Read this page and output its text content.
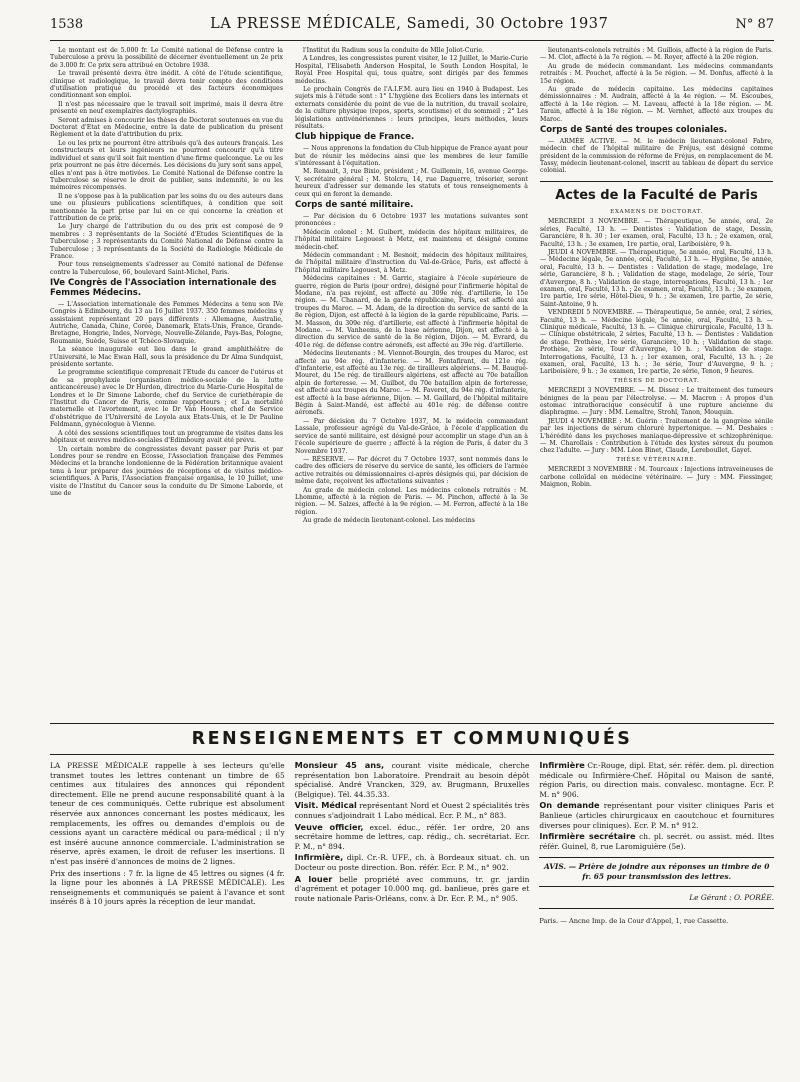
1538	LA PRESSE MÉDICALE, Samedi, 30 Octobre 1937	N° 87

Le montant est de 5.000 fr. Le Comité national de Défense contre la Tuberculose a prévu la possibilité de décerner éventuellement un 2e prix de 3.000 fr. Ce prix sera attribué en Octobre 1938.

Le travail présenté devra être inédit. A côté de l'étude scientifique, clinique et radiologique, le travail devra tenir compte des conditions d'utilisation pratique du procédé et des facteurs économiques conditionnant son emploi.

Il n'est pas nécessaire que le travail soit imprimé, mais il devra être présenté en neuf exemplaires dactylographiés.

Seront admises à concourir les thèses de Doctorat soutenues en vue du Doctorat d'Etat en Médecine, entre la date de publication du présent Règlement et la date d'attribution du prix.

Le ou les prix ne pourront être attribués qu'à des auteurs français. Les constructeurs et leurs ingénieurs ne pourront concourir qu'à titre individuel et sans qu'il soit fait mention d'une firme quelconque. Le ou les prix pourront ne pas être décernés. Les décisions du jury sont sans appel, elles n'ont pas à être motivées. Le Comité National de Défense contre la Tuberculose se réserve le droit de publier, sans indemnité, le ou les mémoires récompensés.

Il ne s'oppose pas à la publication par les soins du ou des auteurs dans une ou plusieurs publications scientifiques, à condition que soit mentionnée la part prise par lui en ce qui concerne la création et l'attribution de ce prix.

Le Jury chargé de l'attribution du ou des prix est composé de 9 membres : 3 représentants de la Société d'Etudes Scientifiques de la Tuberculose ; 3 représentants du Comité National de Défense contre la Tuberculose ; 3 représentants de la Société de Radiologie Médicale de France.

Pour tous renseignements s'adresser au Comité national de Défense contre la Tuberculose, 66, boulevard Saint-Michel, Paris.

IVe Congrès de l'Association internationale des Femmes Médecins.

— L'Association internationale des Femmes Médecins a tenu son IVe Congrès à Edimbourg, du 13 au 16 Juillet 1937. 350 femmes médecins y assistaient représentant 20 pays différents : Allemagne, Australie, Autriche, Canada, Chine, Corée, Danemark, Etats-Unis, France, Grande-Bretagne, Hongrie, Indes, Norvège, Nouvelle-Zélande, Pays-Bas, Pologne, Roumanie, Suède, Suisse et Tchéco-Slovaquie.

La séance inaugurale eut lieu dans le grand amphithéâtre de l'Université, le Mac Ewan Hall, sous la présidence du Dr Alma Sundquist, présidente sortante.

Le programme scientifique comprenait l'Etude du cancer de l'utérus et de sa prophylaxie (organisation médico-sociale de la lutte anticancéreuse) avec le Dr Hurdon, directrice du Marie-Curie Hospital de Londres et le Dr Simone Laborde, chef du Service de curiethérapie de l'Institut du Cancer de Paris, comme rapporteurs ; et La mortalité maternelle et l'avortement, avec le Dr Van Hoosen, chef de Service d'obstétrique de l'Université de Loyola aux Etats-Unis, et le Dr Pauline Feldmann, gynécologue à Vienne.

A côté des sessions scientifiques tout un programme de visites dans les hôpitaux et œuvres médico-sociales d'Edimbourg avait été prévu.

Un certain nombre de congressistes devant passer par Paris et par Londres pour se rendre en Ecosse, l'Association française des Femmes Médecins et la branche londonienne de la Fédération britannique avaient tenu à leur préparer des journées de réceptions et de visites médico-scientifiques. A Paris, l'Association française organisa, le 10 Juillet, une visite de l'Institut du Cancer sous la conduite du Dr Simone Laborde, et une de

l'Institut du Radium sous la conduite de Mlle Joliot-Curie.

A Londres, les congressistes purent visiter, le 12 Juillet, le Marie-Curie Hospital, l'Elisabeth Anderson Hospital, le South London Hospital, le Royal Free Hospital qui, tous quatre, sont dirigés par des femmes médecins.

Le prochain Congrès de l'A.I.F.M. aura lieu en 1940 à Budapest. Les sujets mis à l'étude sont : 1° L'hygiène des Ecoliers dans les internats et externats considérée du point de vue de la nutrition, du travail scolaire, de la culture physique (repos, sports, scoutisme) et du sommeil ; 2° Les législations antivénériennes : leurs principes, leurs méthodes, leurs résultats.

Club hippique de France.

— Nous apprenons la fondation du Club hippique de France ayant pour but de réunir les médecins ainsi que les membres de leur famille s'intéressant à l'équitation.

M. Renault, 3, rue Bixio, président ; M. Guillemin, 16, avenue George-V, secrétaire général ; M. Stolcru, 14, rue Daguerre, trésorier, seront heureux d'adresser sur demande les statuts et tous renseignements à ceux qui en feront la demande.

Corps de santé militaire.

— Par décision du 6 Octobre 1937 les mutations suivantes sont prononcées :

Médecin colonel : M. Guibert, médecin des hôpitaux militaires, de l'hôpital militaire Legouest à Metz, est maintenu et désigné comme médecin-chef.

Médecin commandant : M. Besnoit, médecin des hôpitaux militaires, de l'hôpital militaire d'instruction du Val-de-Grâce, Paris, est affecté à l'hôpital militaire Legouest, à Metz.

Médecins capitaines : M. Garric, stagiaire à l'école supérieure de guerre, région de Paris (pour ordre), désigné pour l'infirmerie hôpital de Modane, n'a pas rejoint, est affecté au 309e rég. d'artillerie, le 15e région. — M. Chanard, de la garde républicaine, Paris, est affecté aux troupes du Maroc. — M. Adam, de la direction du service de santé de la 8e région, Dijon, est affecté à la légion de la garde républicaine, Paris. — M. Masson, du 309e rég. d'artillerie, est affecté à l'infirmerie hôpital de Modane. — M. Vanheems, de la base aérienne, Dijon, est affecté à la direction du service de santé de la 8e région, Dijon. — M. Evrard, du 401e rég. de défense contre aéronefs, est affecté au 39e rég. d'artillerie.

Médecins lieutenants : M. Viennot-Bourgin, des troupes du Maroc, est affecté au 94e rég. d'infanterie. — M. Fontafirant, du 121e rég. d'infanterie, est affecté au 13e rég. de tirailleurs algériens. — M. Baugué-Mouret, du 15e rég. de tirailleurs algériens, est affecté au 70e bataillon alpin de forteresse. — M. Guilbot, du 70e bataillon alpin de forteresse, est affecté aux troupes du Maroc. — M. Faveret, du 94e rég. d'infanterie, est affecté à la base aérienne, Dijon. — M. Gaillard, de l'hôpital militaire Bégin à Saint-Mandé, est affecté au 401e rég. de défense contre aéronefs.

— Par décision du 7 Octobre 1937, M. le médecin commandant Lassale, professeur agrégé du Val-de-Grâce, à l'école d'application du service de santé militaire, est désigné pour accomplir un stage d'un an à l'école supérieure de guerre ; affecté à la région de Paris, à dater du 3 Novembre 1937.

— RÉSERVE. — Par décret du 7 Octobre 1937, sont nommés dans le cadre des officiers de réserve du service de santé, les officiers de l'armée active retraités ou démissionnaires ci-après désignés qui, par décision de même date, reçoivent les affectations suivantes :

Au grade de médecin colonel. Les médecins colonels retraités : M. Lhomme, affecté à la région de Paris. — M. Pinchon, affecté à la 3e région. — M. Salzes, affecté à la 9e région. — M. Ferron, affecté à la 18e région.

Au grade de médecin lieutenant-colonel. Les médecins

lieutenants-colonels retraités : M. Guillois, affecté à la région de Paris. — M. Clot, affecté à la 7e région. — M. Royer, affecté à la 20e région.

Au grade de médecin commandant. Les médecins commandants retraités : M. Pouchet, affecté à la 5e région. — M. Donfus, affecté à la 15e région.

Au grade de médecin capitaine. Les médecins capitaines démissionnaires : M. Audrain, affecté à la 4e région. — M. Escoubes, affecté à la 14e région. — M. Laveau, affecté à la 18e région. — M. Tarain, affecté à la 18e région. — M. Vernhet, affecté aux troupes du Maroc.

Corps de Santé des troupes coloniales.

— ARMÉE ACTIVE. — M. le médecin lieutenant-colonel Fabre, médecin chef de l'hôpital militaire de Fréjus, est désigné comme président de la commission de réforme de Fréjus, en remplacement de M. Tassy, médecin lieutenant-colonel, inscrit au tableau de départ du service colonial.

Actes de la Faculté de Paris

EXAMENS DE DOCTORAT.

MERCREDI 3 NOVEMBRE. — Thérapeutique, 5e année, oral, 2e séries, Faculté, 13 h. — Dentistes : Validation de stage, Dessin, Garancière, 8 h. 30 ; 1er examen, oral, Faculté, 13 h. ; 2e examen, oral, Faculté, 13 h. ; 3e examen, 1re partie, oral, Lariboisière, 9 h.

JEUDI 4 NOVEMBRE. — Thérapeutique, 5e année, oral, Faculté, 13 h. — Médecine légale, 5e année, oral, Faculté, 13 h. — Hygiène, 5e année, oral, Faculté, 13 h. — Dentistes : Validation de stage, modelage, 1re série, Garancière, 8 h. ; Validation de stage, modelage, 2e série, Tour d'Auvergne, 8 h. ; Validation de stage, interrogations, Faculté, 13 h. ; 1er examen, oral, Faculté, 13 h. ; 2e examen, oral, Faculté, 13 h. ; 3e examen, 1re partie, 1re série, Hôtel-Dieu, 9 h. ; 3e examen, 1re partie, 2e série, Saint-Antoine, 9 h.

VENDREDI 5 NOVEMBRE. — Thérapeutique, 5e année, oral, 2 séries, Faculté, 13 h. — Médecine légale, 5e année, oral, Faculté, 13 h. — Clinique médicale, Faculté, 13 h. — Clinique chirurgicale, Faculté, 13 h. — Clinique obstétricale, 2 séries, Faculté, 13 h. — Dentistes : Validation de stage. Prothèse, 1re série, Garancière, 10 h. ; Validation de stage. Prothèse, 2e série, Tour d'Auvergne, 10 h. ; Validation de stage. Interrogations, Faculté, 13 h. ; 1er examen, oral, Faculté, 13 h. ; 2e examen, oral, Faculté, 13 h. ; 3e série, Tour d'Auvergne, 9 h. ; Lariboisière, 9 h. ; 3e examen, 1re partie, 2e série, Tenon, 9 heures.

THÈSES DE DOCTORAT.

MERCREDI 3 NOVEMBRE. — M. Dissez : Le traitement des tumeurs bénignes de la peau par l'électrolyse. — M. Macron : A propos d'un estomac intrathoracique consécutif à une rupture ancienne du diaphragme. — Jury : MM. Lemaître, Strohl, Tanon, Mouquin.

JEUDI 4 NOVEMBRE : M. Guérin : Traitement de la gangrène sénile par les injections de sérum chloruré hypertonique. — M. Deshaies : L'hérédité dans les psychoses maniaque-dépressive et schizophrénique. — M. Charollais : Contribution à l'étude des kystes séreux du poumon chez l'adulte. — Jury : MM. Léon Binet, Claude, Lereboullet, Gayet.

THÈSE VÉTÉRINAIRE.

MERCREDI 3 NOVEMBRE : M. Tourcaux : Injections intraveineuses de carbone colloïdal en médecine vétérinaire. — Jury : MM. Fiessinger, Maignon, Robin.

RENSEIGNEMENTS ET COMMUNIQUÉS

LA PRESSE MÉDICALE rappelle à ses lecteurs qu'elle transmet toutes les lettres contenant un timbre de 65 centimes aux titulaires des annonces qui répondent directement. Elle ne prend aucune responsabilité quant à la teneur de ces communiqués. Cette rubrique est absolument réservée aux annonces concernant les postes médicaux, les remplacements, les offres ou demandes d'emplois ou de cessions ayant un caractère médical ou para-médical ; il n'y est inséré aucune annonce commerciale. L'administration se réserve, après examen, le droit de refuser les insertions. Il n'est pas inséré d'annonces de moins de 2 lignes.

Prix des insertions : 7 fr. la ligne de 45 lettres ou signes (4 fr. la ligne pour les abonnés à LA PRESSE MÉDICALE). Les renseignements et communiqués se paient à l'avance et sont insérés 8 à 10 jours après la réception de leur mandat.

Monsieur 45 ans, courant visite médicale, cherche représentation bon Laboratoire. Prendrait au besoin dépôt spécialisé. André Vrancken, 329, av. Brugmann, Bruxelles (Belgique). Tél. 44.35.33.

Visit. Médical représentant Nord et Ouest 2 spécialités très connues s'adjoindrait 1 Labo médical. Ecr. P. M., n° 883.

Veuve officier, excel. éduc., référ. 1er ordre, 20 ans secrétaire homme de lettres, cap. rédig., ch. secrétariat. Ecr. P. M., n° 894.

Infirmière, dipl. Cr.-R. UFF., ch. à Bordeaux situat. ch. un Docteur ou poste direction. Bon. référ. Ecr. P. M., n° 902.

A louer belle propriété avec communs, tr. gr. jardin d'agrément et potager 10.000 mq. gd. banlieue, près gare et route nationale Paris-Orléans, conv. à Dr. Ecr. P. M., n° 905.

Infirmière Cr.-Rouge, dipl. Etat, sér. référ. dem. pl. direction médicale ou Infirmière-Chef. Hôpital ou Maison de santé, région Paris, ou direction mais. convalesc. montagne. Ecr. P. M. n° 906.

On demande représentant pour visiter cliniques Paris et Banlieue (articles chirurgicaux en caoutchouc et fournitures diverses pour cliniques). Ecr. P. M. n° 912.

Infirmière secrétaire ch. pl. secrét. ou assist. méd. Iltes référ. Guinel, 8, rue Laromiguière (5e).

AVIS. — Prière de joindre aux réponses un timbre de 0 fr. 65 pour transmission des lettres.

Le Gérant : O. PORÉE.

Paris. — Ancne Imp. de la Cour d'Appel, 1, rue Cassette.
